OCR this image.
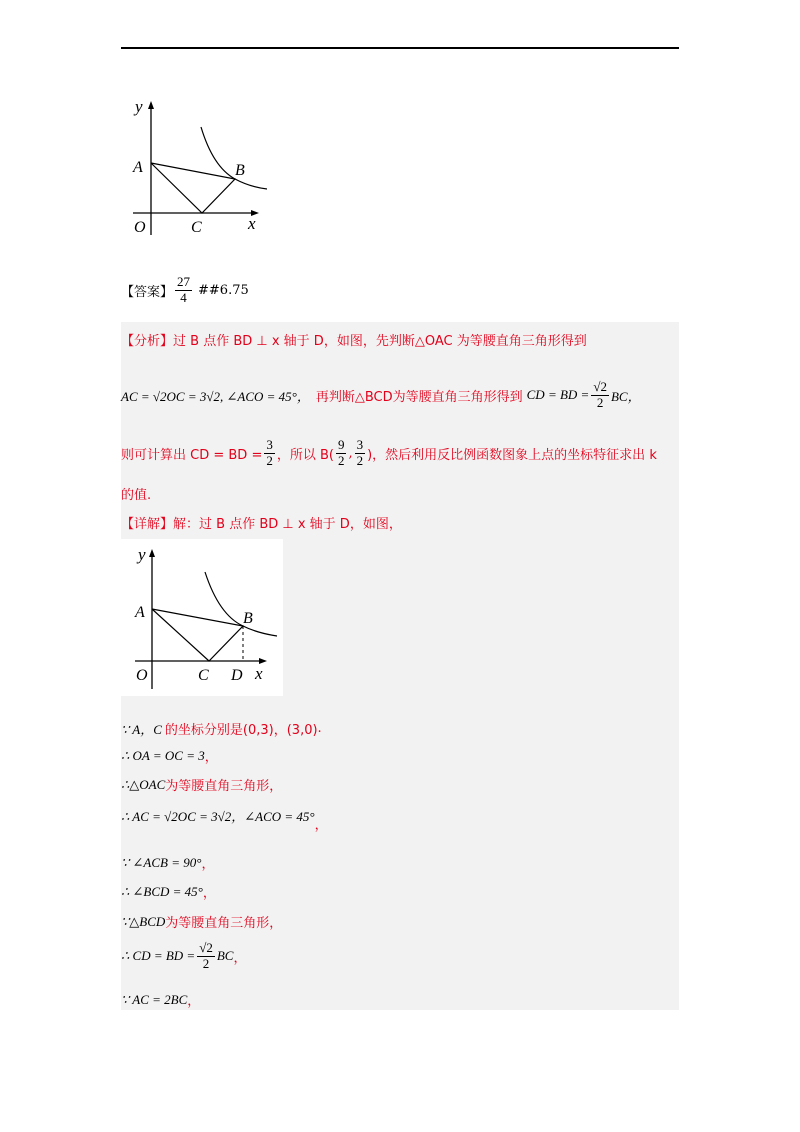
y
x
O
A	B
C
【答案】 $\frac{27}{4}$ ##6.75
【分析】 过 B 点作 BD ⊥ x 轴于 D，如图，先判断△OAC 为等腰直角三角形得到
AC = √2OC = 3√2, ∠ACO = 45°， 再判断△BCD为等腰直角三角形得到 CD = BD = $\frac{√2}{2}$ BC，
则可计算出 CD = BD = $\frac{3}{2}$ ，所以 $B( \frac{9}{2}$ , $\frac{3}{2}$ )，然后利用反比例函数图象上点的坐标特征求出 k
的值.
【详解】 解：过 B 点作 BD ⊥ x 轴于 D，如图，
y
x
O
A	B
C D
∵ A，C 的坐标分别是(0,3)，(3,0) .
∴ OA = OC = 3 ，
∴△OAC 为等腰直角三角形，
∴ AC = √2OC = 3√2，∠ACO = 45°
，
∵ ∠ACB = 90° ，
∴ ∠BCD = 45° ，
∵△BCD 为等腰直角三角形，
∴ CD = BD = $\frac{√2}{2}$ BC ，
∵ AC = 2BC ，
